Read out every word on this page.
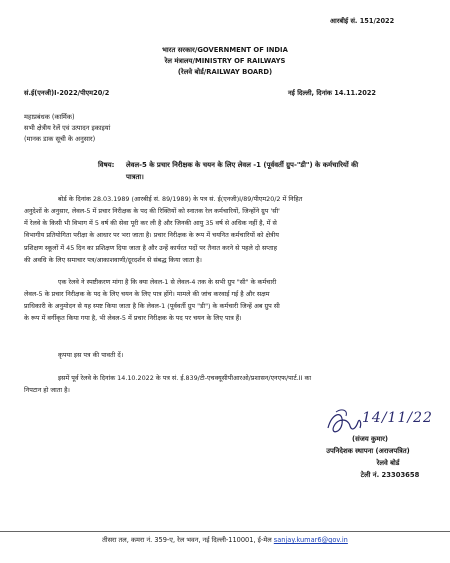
आरबीई सं. 151/2022
भारत सरकार/GOVERNMENT OF INDIA
रेल मंत्रालय/MINISTRY OF RAILWAYS
(रेलवे बोर्ड/RAILWAY BOARD)
सं.ई(एनजी)I-2022/पीएम20/2	नई दिल्ली, दिनांक 14.11.2022
महाप्रबंधक (कार्मिक)
सभी क्षेत्रीय रेलें एवं उत्पादन इकाइयां
(मानक डाक सूची के अनुसार)
विषय: लेवल-5 के प्रचार निरीक्षक के चयन के लिए लेवल -1 (पूर्ववर्ती ग्रुप-"डी") के कर्मचारियों की
पात्रता।
बोर्ड के दिनांक 28.03.1989 (आरबीई सं. 89/1989) के पत्र सं. ई(एनजी)I/89/पीएम20/2 में निहित
अनुदेशों के अनुसार, लेवल-5 में प्रचार निरीक्षक के पद की रिक्तियों को स्नातक रेल कर्मचारियों, जिन्होंने ग्रुप 'सी'
में रेलवे के किसी भी विभाग में 5 वर्ष की सेवा पूरी कर ली है और जिनकी आयु 35 वर्ष से अधिक नहीं है, में से
विभागीय प्रतियोगिता परीक्षा के आधार पर भरा जाता है। प्रचार निरीक्षक के रूप में चयनित कर्मचारियों को क्षेत्रीय
प्रशिक्षण स्कूलों में 45 दिन का प्रशिक्षण दिया जाता है और उन्हें कार्यरत पदों पर तैनात करने से पहले दो सप्ताह
की अवधि के लिए समाचार पत्र/आकाशवाणी/दूरदर्शन से संबद्ध किया जाता है।
एक रेलवे ने स्पष्टीकरण मांगा है कि क्या लेवल-1 से लेवल-4 तक के सभी ग्रुप "सी" के कर्मचारी
लेवल-5 के प्रचार निरीक्षक के पद के लिए चयन के लिए पात्र होंगे। मामले की जांच करवाई गई है और सक्षम
प्राधिकारी के अनुमोदन से यह स्पष्ट किया जाता है कि लेवल-1 (पूर्ववर्ती ग्रुप "डी") के कर्मचारी जिन्हें अब ग्रुप सी
के रूप में वर्गीकृत किया गया है, भी लेवल-5 में प्रचार निरीक्षक के पद पर चयन के लिए पात्र हैं।
कृपया इस पत्र की पावती दें।
इसमें पूर्व रेलवे के दिनांक 14.10.2022 के पत्र सं. ई.839/टी-एचक्यूसीपीआरओ/प्रशासन/एनएफ/पार्ट.II का
निपटान हो जाता है।
14/11/22
(संजय कुमार)
उपनिदेशक स्थापना (अराजपत्रित)
रेलवे बोर्ड
टेली नं. 23303658
तीसरा तल, कमरा नं. 359-ए, रेल भवन, नई दिल्ली-110001, ई-मेल sanjay.kumar6@gov.in
